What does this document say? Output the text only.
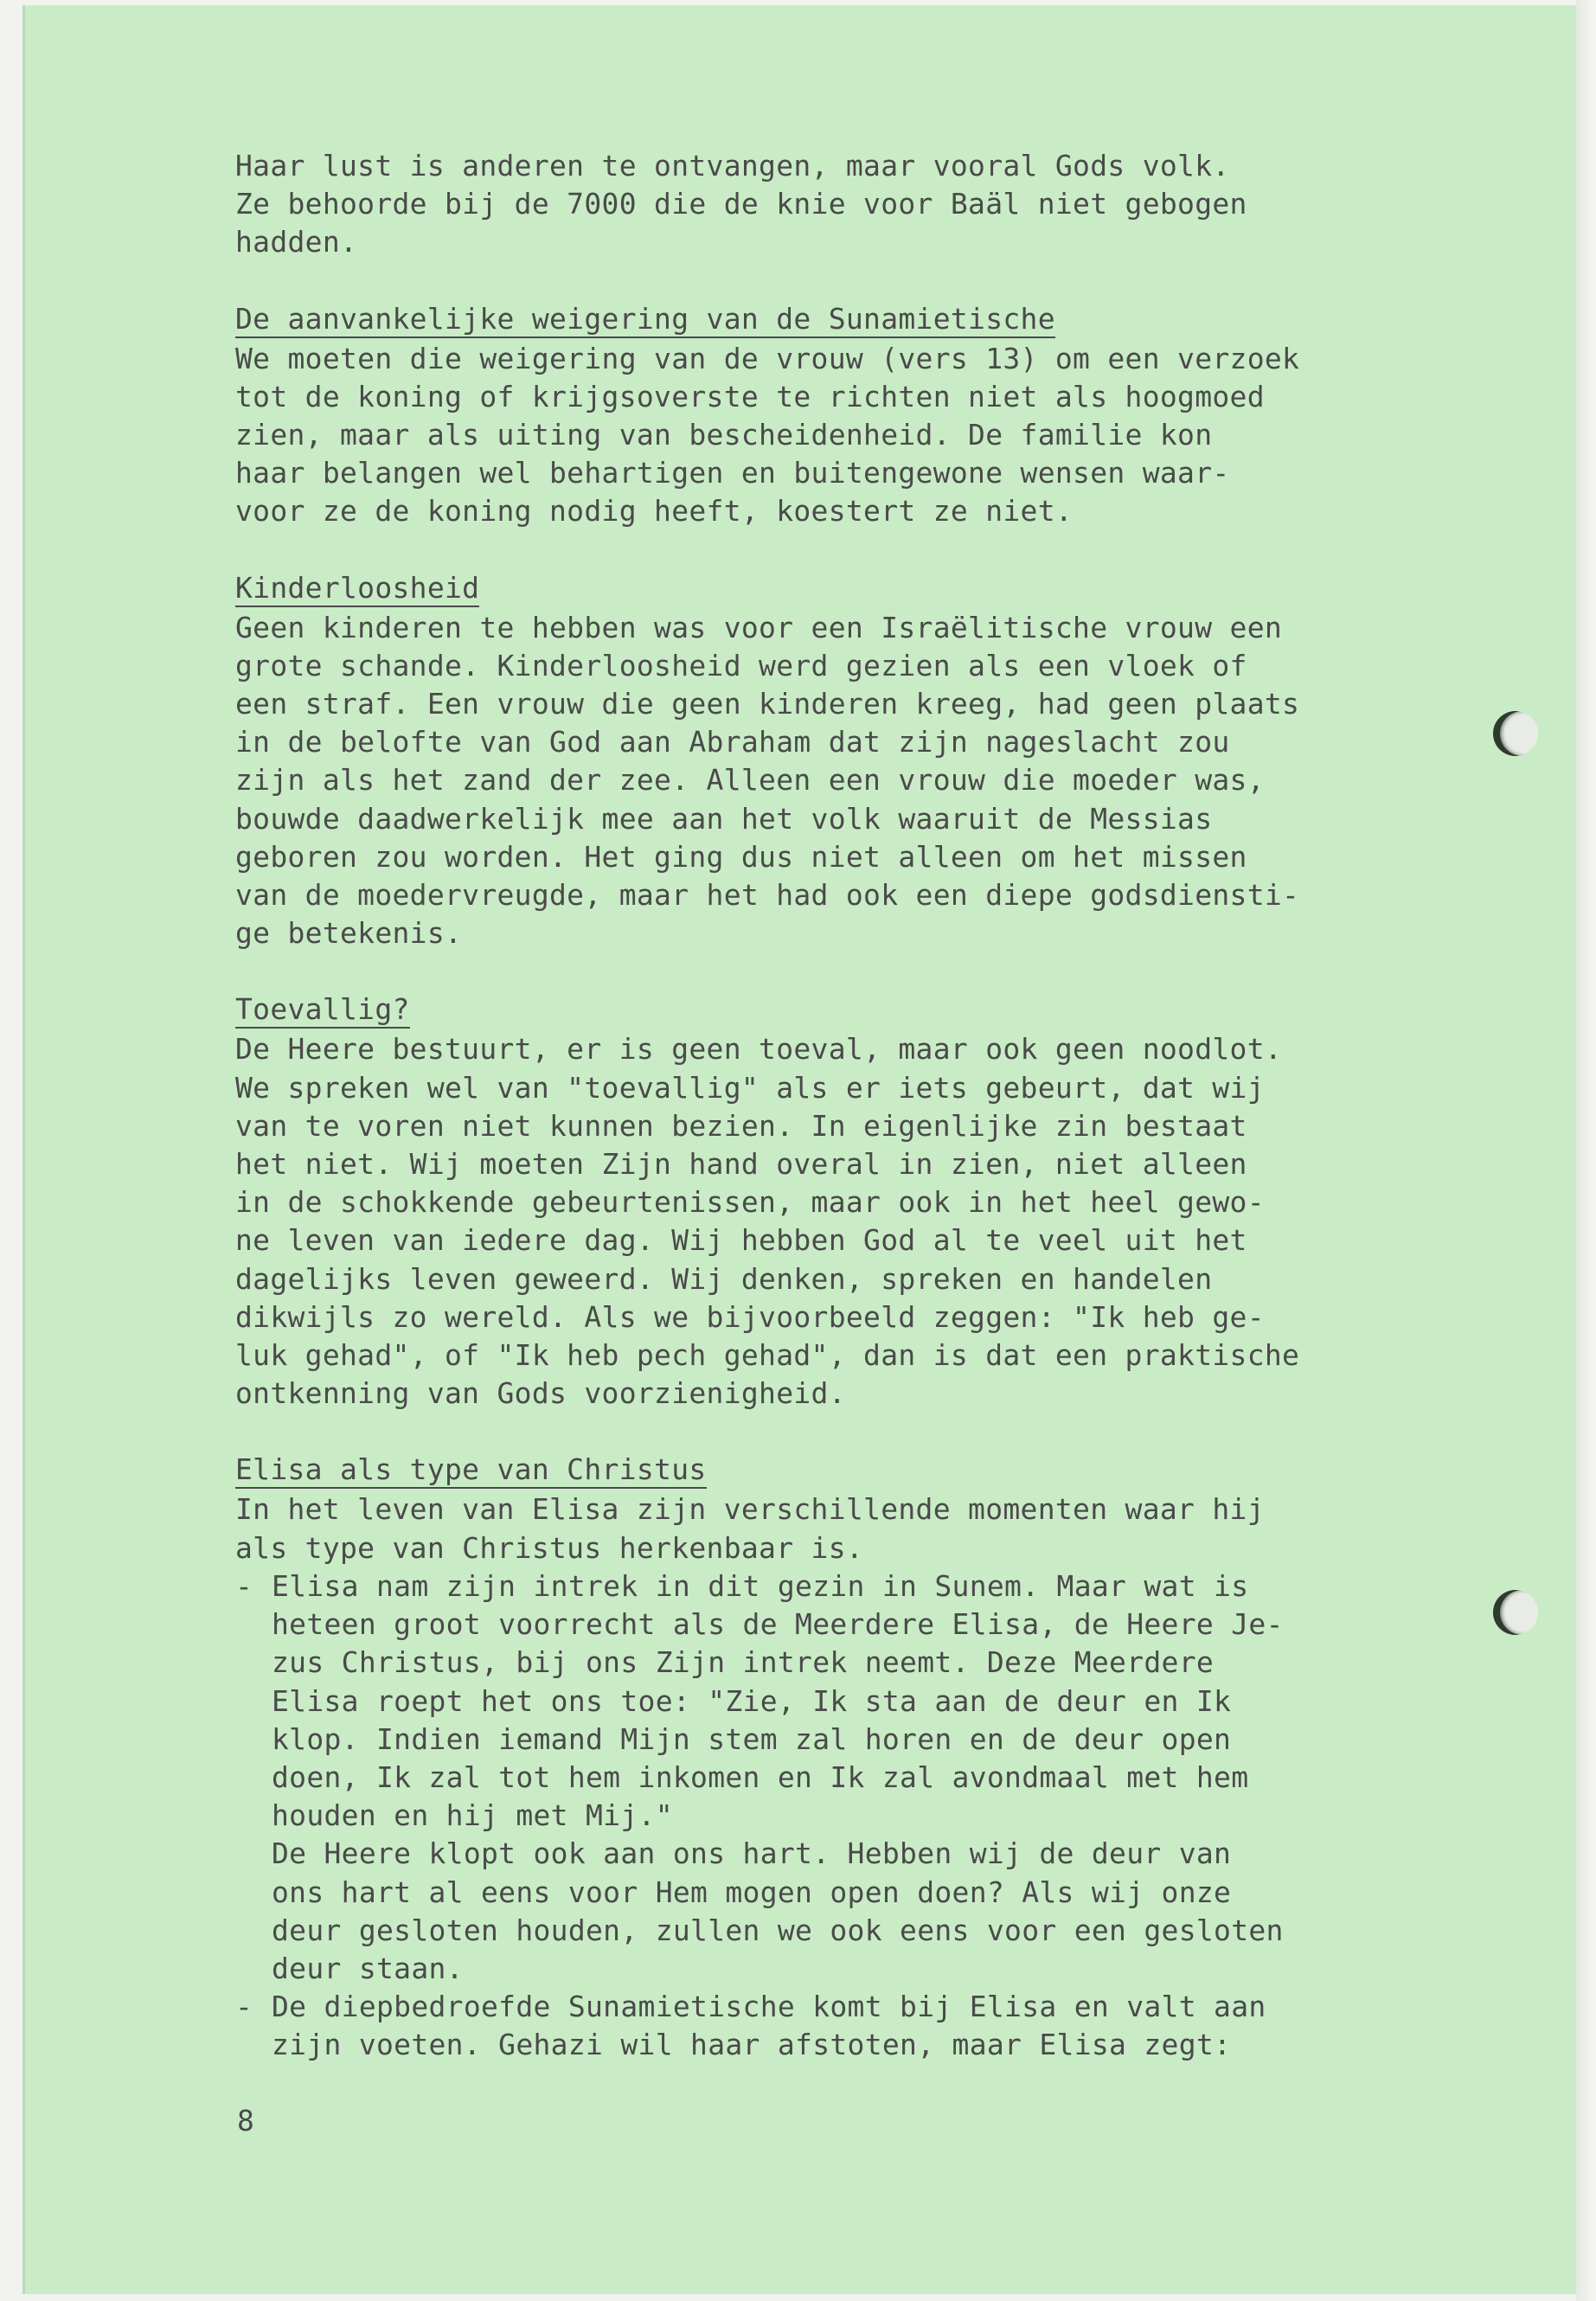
Haar lust is anderen te ontvangen, maar vooral Gods volk.
Ze behoorde bij de 7000 die de knie voor Baäl niet gebogen
hadden.

De aanvankelijke weigering van de Sunamietische

We moeten die weigering van de vrouw (vers 13) om een verzoek
tot de koning of krijgsoverste te richten niet als hoogmoed
zien, maar als uiting van bescheidenheid. De familie kon
haar belangen wel behartigen en buitengewone wensen waar-
voor ze de koning nodig heeft, koestert ze niet.

Kinderloosheid

Geen kinderen te hebben was voor een Israëlitische vrouw een
grote schande. Kinderloosheid werd gezien als een vloek of
een straf. Een vrouw die geen kinderen kreeg, had geen plaats
in de belofte van God aan Abraham dat zijn nageslacht zou
zijn als het zand der zee. Alleen een vrouw die moeder was,
bouwde daadwerkelijk mee aan het volk waaruit de Messias
geboren zou worden. Het ging dus niet alleen om het missen
van de moedervreugde, maar het had ook een diepe godsdiensti-
ge betekenis.

Toevallig?

De Heere bestuurt, er is geen toeval, maar ook geen noodlot.
We spreken wel van "toevallig" als er iets gebeurt, dat wij
van te voren niet kunnen bezien. In eigenlijke zin bestaat
het niet. Wij moeten Zijn hand overal in zien, niet alleen
in de schokkende gebeurtenissen, maar ook in het heel gewo-
ne leven van iedere dag. Wij hebben God al te veel uit het
dagelijks leven geweerd. Wij denken, spreken en handelen
dikwijls zo wereld. Als we bijvoorbeeld zeggen: "Ik heb ge-
luk gehad", of "Ik heb pech gehad", dan is dat een praktische
ontkenning van Gods voorzienigheid.

Elisa als type van Christus

In het leven van Elisa zijn verschillende momenten waar hij
als type van Christus herkenbaar is.

- Elisa nam zijn intrek in dit gezin in Sunem. Maar wat is
heteen groot voorrecht als de Meerdere Elisa, de Heere Je-
zus Christus, bij ons Zijn intrek neemt. Deze Meerdere
Elisa roept het ons toe: "Zie, Ik sta aan de deur en Ik
klop. Indien iemand Mijn stem zal horen en de deur open
doen, Ik zal tot hem inkomen en Ik zal avondmaal met hem
houden en hij met Mij."
De Heere klopt ook aan ons hart. Hebben wij de deur van
ons hart al eens voor Hem mogen open doen? Als wij onze
deur gesloten houden, zullen we ook eens voor een gesloten
deur staan.
- De diepbedroefde Sunamietische komt bij Elisa en valt aan
zijn voeten. Gehazi wil haar afstoten, maar Elisa zegt:
8
